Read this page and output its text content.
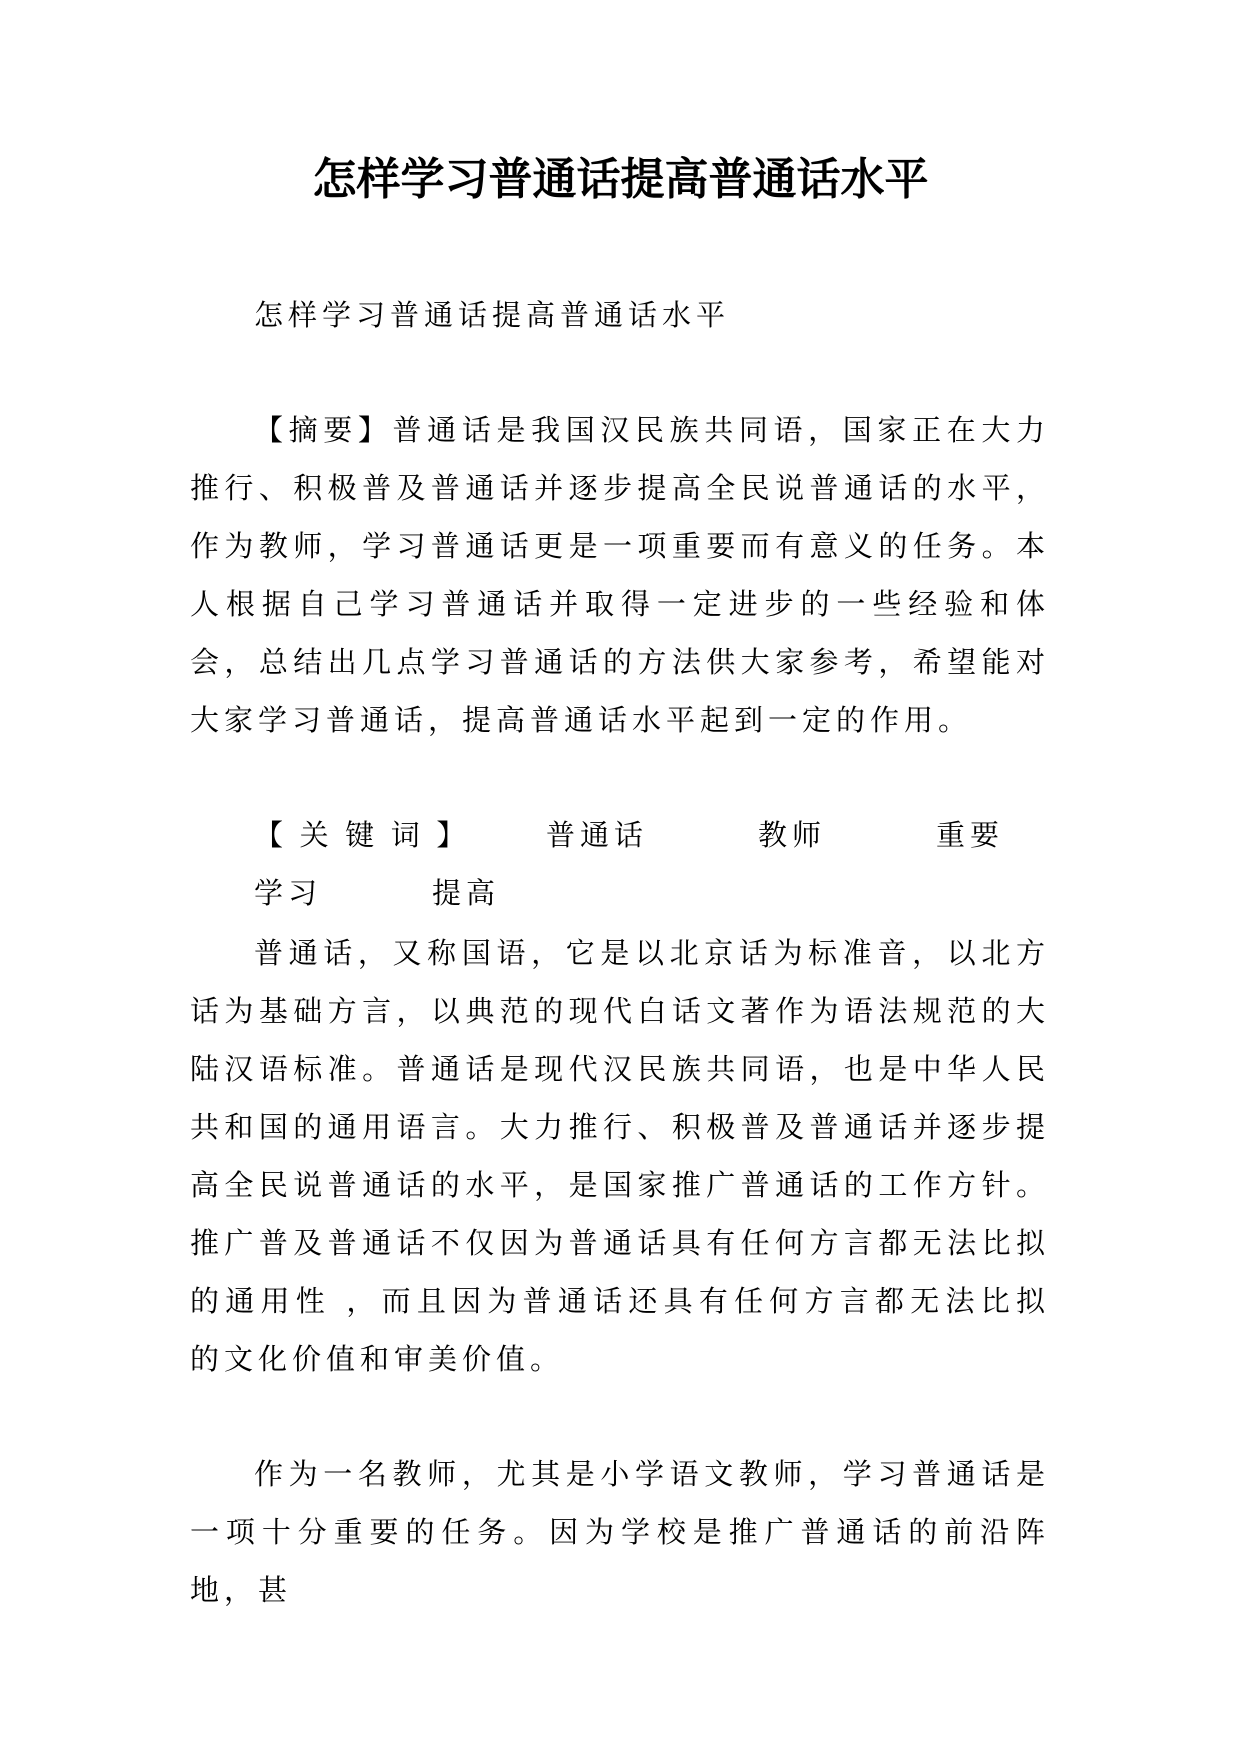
怎样学习普通话提高普通话水平

怎样学习普通话提高普通话水平

【摘要】普通话是我国汉民族共同语，国家正在大力推行、积极普及普通话并逐步提高全民说普通话的水平，作为教师，学习普通话更是一项重要而有意义的任务。本人根据自己学习普通话并取得一定进步的一些经验和体会，总结出几点学习普通话的方法供大家参考，希望能对大家学习普通话，提高普通话水平起到一定的作用。

【关键词】 普通话	教师	重要学习	提高

普通话，又称国语，它是以北京话为标准音，以北方话为基础方言，以典范的现代白话文著作为语法规范的大陆汉语标准。普通话是现代汉民族共同语，也是中华人民共和国的通用语言。大力推行、积极普及普通话并逐步提高全民说普通话的水平，是国家推广普通话的工作方针。推广普及普通话不仅因为普通话具有任何方言都无法比拟的通用性 ，而且因为普通话还具有任何方言都无法比拟的文化价值和审美价值。

作为一名教师，尤其是小学语文教师，学习普通话是一项十分重要的任务。因为学校是推广普通话的前沿阵地，甚
